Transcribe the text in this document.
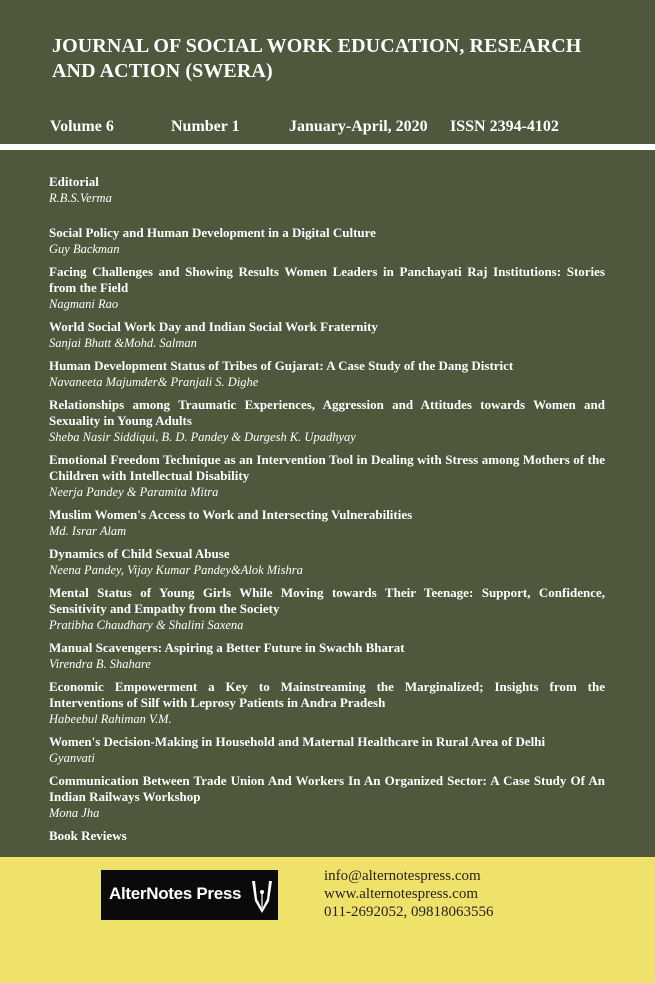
JOURNAL OF SOCIAL WORK EDUCATION, RESEARCH
AND ACTION (SWERA)
Volume 6	Number 1	January-April, 2020 ISSN 2394-4102
Editorial
R.B.S.Verma
Social Policy and Human Development in a Digital Culture
Guy Backman
Facing Challenges and Showing Results Women Leaders in Panchayati Raj Institutions: Stories from the Field
Nagmani Rao
World Social Work Day and Indian Social Work Fraternity
Sanjai Bhatt &Mohd. Salman
Human Development Status of Tribes of Gujarat: A Case Study of the Dang District
Navaneeta Majumder& Pranjali S. Dighe
Relationships among Traumatic Experiences, Aggression and Attitudes towards Women and Sexuality in Young Adults
Sheba Nasir Siddiqui, B. D. Pandey & Durgesh K. Upadhyay
Emotional Freedom Technique as an Intervention Tool in Dealing with Stress among Mothers of the Children with Intellectual Disability
Neerja Pandey & Paramita Mitra
Muslim Women's Access to Work and Intersecting Vulnerabilities
Md. Israr Alam
Dynamics of Child Sexual Abuse
Neena Pandey, Vijay Kumar Pandey&Alok Mishra
Mental Status of Young Girls While Moving towards Their Teenage: Support, Confidence, Sensitivity and Empathy from the Society
Pratibha Chaudhary & Shalini Saxena
Manual Scavengers: Aspiring a Better Future in Swachh Bharat
Virendra B. Shahare
Economic Empowerment a Key to Mainstreaming the Marginalized; Insights from the Interventions of Silf with Leprosy Patients in Andra Pradesh
Habeebul Rahiman V.M.
Women's Decision-Making in Household and Maternal Healthcare in Rural Area of Delhi
Gyanvati
Communication Between Trade Union And Workers In An Organized Sector: A Case Study Of An Indian Railways Workshop
Mona Jha
Book Reviews
AlterNotes Press
info@alternotespress.com
www.alternotespress.com
011-2692052, 09818063556
